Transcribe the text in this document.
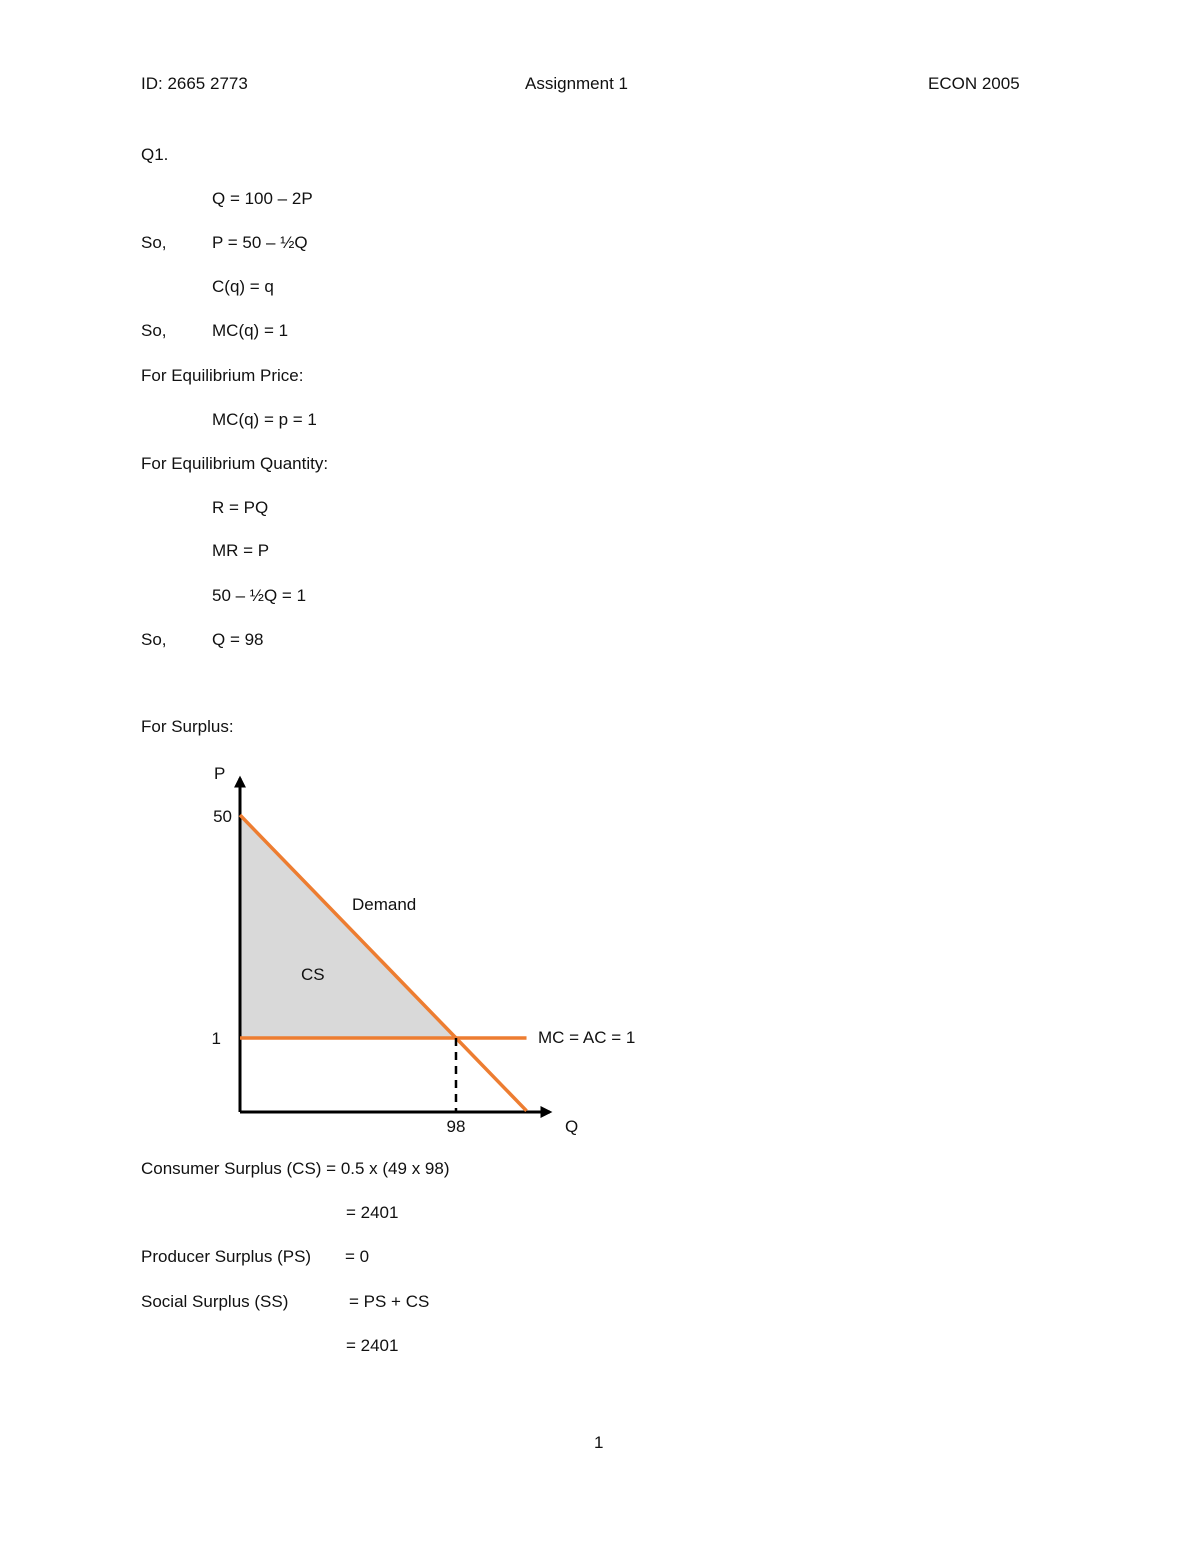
ID: 2665 2773	Assignment 1	ECON 2005
Q1.
Q = 100 – 2P
So,	P = 50 – ½Q
C(q) = q
So,	MC(q) = 1
For Equilibrium Price:
MC(q) = p = 1
For Equilibrium Quantity:
R = PQ
MR = P
50 – ½Q = 1
So,	Q = 98
For Surplus:
P
Q
50
1
98
Demand
MC = AC = 1
CS
Consumer Surplus (CS) = 0.5 x (49 x 98)
= 2401
Producer Surplus (PS) = 0
Social Surplus (SS)	= PS + CS
= 2401
1
